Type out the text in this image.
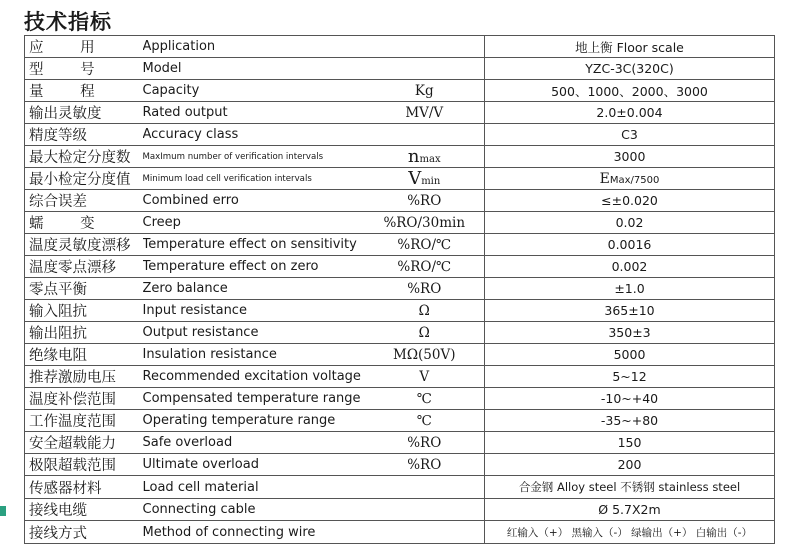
技术指标
应 用	Application		地上衡 Floor scale
型 号	Model		YZC-3C(320C)
量 程	Capacity	Kg	500、1000、2000、3000
输出灵敏度	Rated output	MV/V	2.0±0.004
精度等级	Accuracy class		C3
最大检定分度数	MaxImum number of verification intervals	nmax	3000
最小检定分度值	Minimum load cell verification intervals	Vmin	EMax/7500
综合误差	Combined erro	%RO	≤±0.020
蠕 变	Creep	%RO/30min	0.02
温度灵敏度漂移	Temperature effect on sensitivity	%RO/℃	0.0016
温度零点漂移	Temperature effect on zero	%RO/℃	0.002
零点平衡	Zero balance	%RO	±1.0
输入阻抗	Input resistance	Ω	365±10
输出阻抗	Output resistance	Ω	350±3
绝缘电阻	Insulation resistance	MΩ(50V)	5000
推荐激励电压	Recommended excitation voltage	V	5~12
温度补偿范围	Compensated temperature range	℃	-10~+40
工作温度范围	Operating temperature range	℃	-35~+80
安全超载能力	Safe overload	%RO	150
极限超载范围	Ultimate overload	%RO	200
传感器材料	Load cell material		合金钢 Alloy steel 不锈钢 stainless steel
接线电缆	Connecting cable		Ø 5.7X2m
接线方式	Method of connecting wire		红输入（+） 黑输入（-） 绿输出（+） 白输出（-）
